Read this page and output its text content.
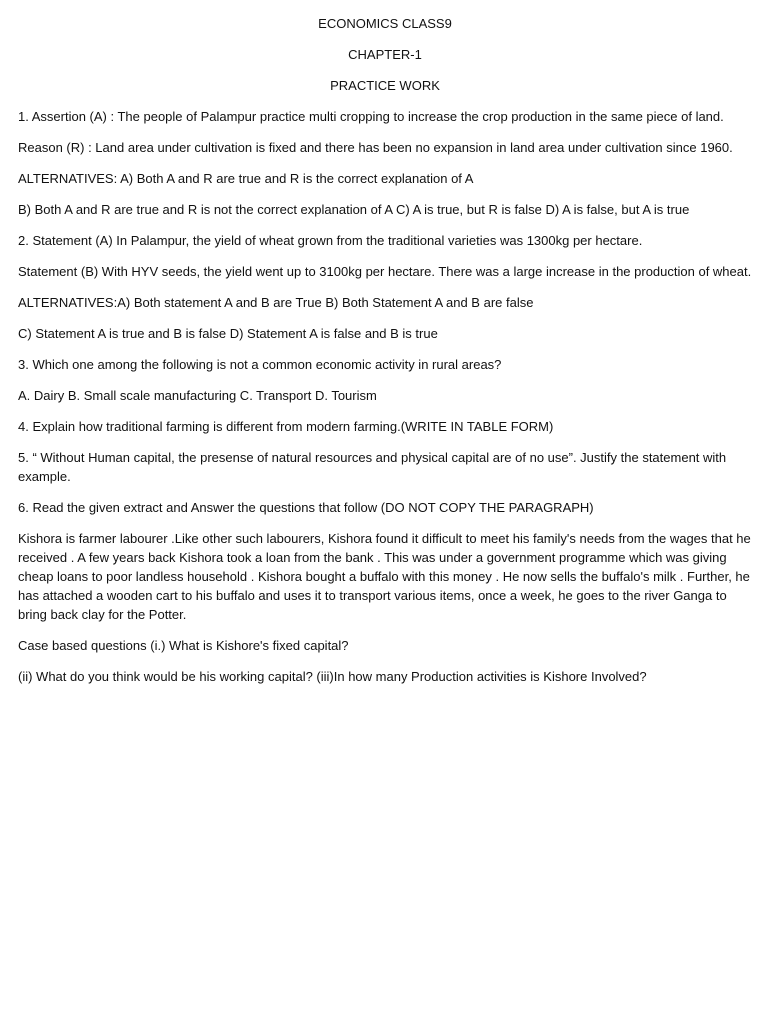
ECONOMICS CLASS9

CHAPTER-1

PRACTICE WORK

1. Assertion (A) : The people of Palampur practice multi cropping to increase the crop production in the same piece of land.

Reason (R) : Land area under cultivation is fixed and there has been no expansion in land area under cultivation since 1960.

ALTERNATIVES: A) Both A and R are true and R is the correct explanation of A

B) Both A and R are true and R is not the correct explanation of A C) A is true, but R is false D) A is false, but A is true

2. Statement (A) In Palampur, the yield of wheat grown from the traditional varieties was 1300kg per hectare.

Statement (B) With HYV seeds, the yield went up to 3100kg per hectare. There was a large increase in the production of wheat.

ALTERNATIVES:A) Both statement A and B are True B) Both Statement A and B are false

C) Statement A is true and B is false D) Statement A is false and B is true

3. Which one among the following is not a common economic activity in rural areas?

A. Dairy B. Small scale manufacturing C. Transport D. Tourism

4. Explain how traditional farming is different from modern farming.(WRITE IN TABLE FORM)

5. “ Without Human capital, the presense of natural resources and physical capital are of no use”. Justify the statement with example.

6. Read the given extract and Answer the questions that follow (DO NOT COPY THE PARAGRAPH)

Kishora is farmer labourer .Like other such labourers, Kishora found it difficult to meet his family's needs from the wages that he received . A few years back Kishora took a loan from the bank . This was under a government programme which was giving cheap loans to poor landless household . Kishora bought a buffalo with this money . He now sells the buffalo's milk . Further, he has attached a wooden cart to his buffalo and uses it to transport various items, once a week, he goes to the river Ganga to bring back clay for the Potter.

Case based questions (i.) What is Kishore's fixed capital?

(ii) What do you think would be his working capital? (iii)In how many Production activities is Kishore Involved?
